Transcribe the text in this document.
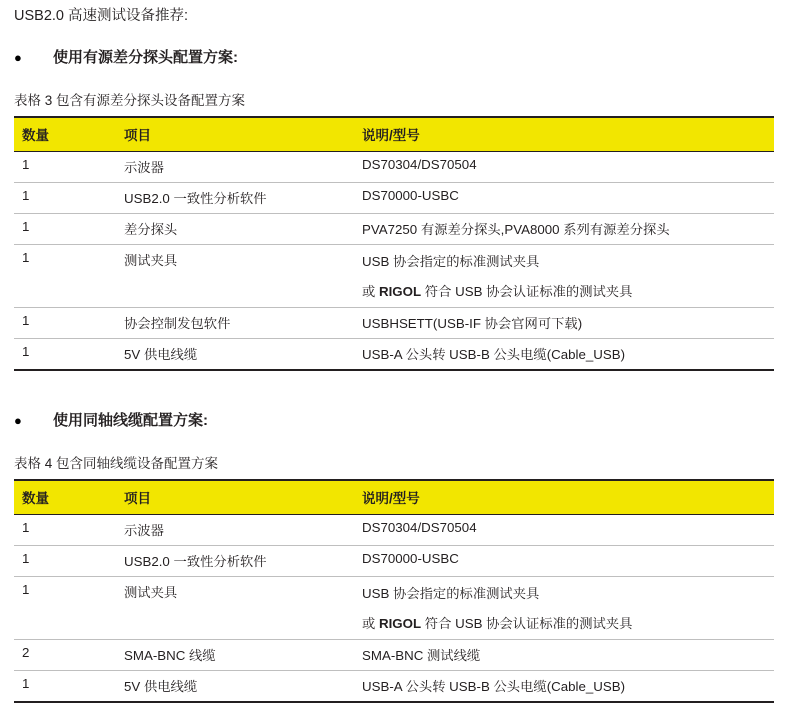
USB2.0 高速测试设备推荐:
●	使用有源差分探头配置方案:
表格 3 包含有源差分探头设备配置方案
数量	项目	说明/型号
1	示波器	DS70304/DS70504
1	USB2.0 一致性分析软件	DS70000-USBC
1	差分探头	PVA7250 有源差分探头,PVA8000 系列有源差分探头
1	测试夹具	USB 协会指定的标准测试夹具
或 RIGOL 符合 USB 协会认证标准的测试夹具

1	协会控制发包软件	USBHSETT(USB-IF 协会官网可下载)
1	5V 供电线缆	USB-A 公头转 USB-B 公头电缆(Cable_USB)
●	使用同轴线缆配置方案:
表格 4 包含同轴线缆设备配置方案
数量	项目	说明/型号
1	示波器	DS70304/DS70504
1	USB2.0 一致性分析软件	DS70000-USBC
1	测试夹具	USB 协会指定的标准测试夹具
或 RIGOL 符合 USB 协会认证标准的测试夹具

2	SMA-BNC 线缆	SMA-BNC 测试线缆
1	5V 供电线缆	USB-A 公头转 USB-B 公头电缆(Cable_USB)
